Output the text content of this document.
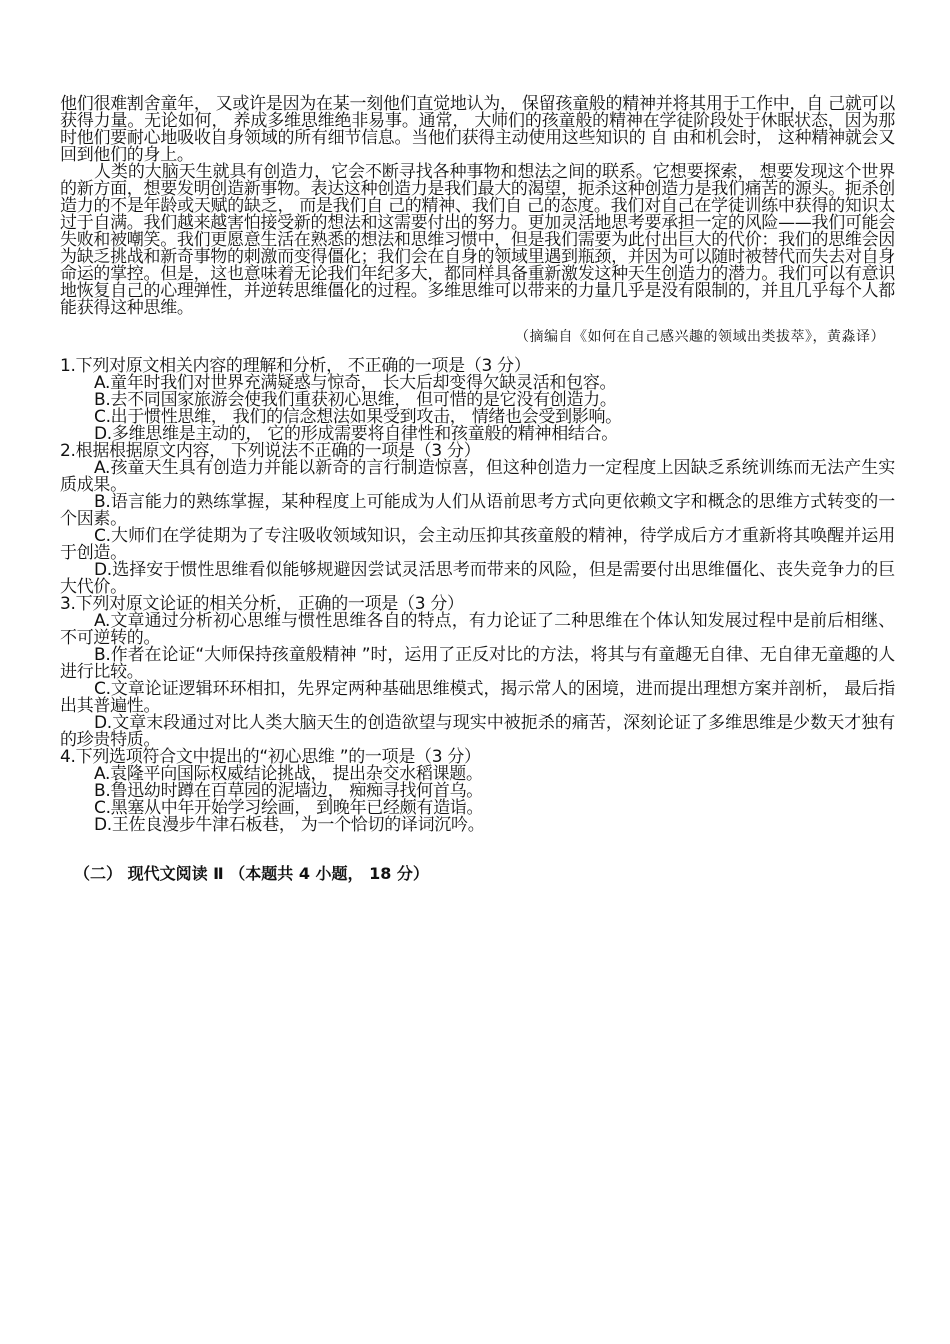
他们很难割舍童年， 又或许是因为在某一刻他们直觉地认为， 保留孩童般的精神并将其用于工作中，自 己就可以获得力量。无论如何， 养成多维思维绝非易事。通常， 大师们的孩童般的精神在学徒阶段处于休眠状态，因为那时他们要耐心地吸收自身领域的所有细节信息。当他们获得主动使用这些知识的 自 由和机会时， 这种精神就会又回到他们的身上。

人类的大脑天生就具有创造力，它会不断寻找各种事物和想法之间的联系。它想要探索， 想要发现这个世界的新方面，想要发明创造新事物。表达这种创造力是我们最大的渴望，扼杀这种创造力是我们痛苦的源头。扼杀创造力的不是年龄或天赋的缺乏， 而是我们自 己的精神、我们自 己的态度。我们对自己在学徒训练中获得的知识太过于自满。我们越来越害怕接受新的想法和这需要付出的努力。更加灵活地思考要承担一定的风险——我们可能会失败和被嘲笑。我们更愿意生活在熟悉的想法和思维习惯中，但是我们需要为此付出巨大的代价：我们的思维会因为缺乏挑战和新奇事物的刺激而变得僵化；我们会在自身的领域里遇到瓶颈，并因为可以随时被替代而失去对自身命运的掌控。但是，这也意味着无论我们年纪多大，都同样具备重新激发这种天生创造力的潜力。我们可以有意识地恢复自己的心理弹性，并逆转思维僵化的过程。多维思维可以带来的力量几乎是没有限制的，并且几乎每个人都能获得这种思维。

（摘编自《如何在自己感兴趣的领域出类拔萃》，黄淼译）

1.下列对原文相关内容的理解和分析， 不正确的一项是（3 分）

A.童年时我们对世界充满疑惑与惊奇， 长大后却变得欠缺灵活和包容。

B.去不同国家旅游会使我们重获初心思维， 但可惜的是它没有创造力。

C.出于惯性思维， 我们的信念想法如果受到攻击， 情绪也会受到影响。

D.多维思维是主动的， 它的形成需要将自律性和孩童般的精神相结合。

2.根据根据原文内容， 下列说法不正确的一项是（3 分）

A.孩童天生具有创造力并能以新奇的言行制造惊喜，但这种创造力一定程度上因缺乏系统训练而无法产生实质成果。

B.语言能力的熟练掌握，某种程度上可能成为人们从语前思考方式向更依赖文字和概念的思维方式转变的一个因素。

C.大师们在学徒期为了专注吸收领域知识，会主动压抑其孩童般的精神，待学成后方才重新将其唤醒并运用于创造。

D.选择安于惯性思维看似能够规避因尝试灵活思考而带来的风险，但是需要付出思维僵化、丧失竞争力的巨大代价。

3.下列对原文论证的相关分析， 正确的一项是（3 分）

A.文章通过分析初心思维与惯性思维各自的特点，有力论证了二种思维在个体认知发展过程中是前后相继、不可逆转的。

B.作者在论证“大师保持孩童般精神 ”时，运用了正反对比的方法，将其与有童趣无自律、无自律无童趣的人进行比较。

C.文章论证逻辑环环相扣，先界定两种基础思维模式，揭示常人的困境，进而提出理想方案并剖析， 最后指出其普遍性。

D.文章末段通过对比人类大脑天生的创造欲望与现实中被扼杀的痛苦，深刻论证了多维思维是少数天才独有的珍贵特质。

4.下列选项符合文中提出的“初心思维 ”的一项是（3 分）

A.袁隆平向国际权威结论挑战， 提出杂交水稻课题。

B.鲁迅幼时蹲在百草园的泥墙边， 痴痴寻找何首乌。

C.黑塞从中年开始学习绘画， 到晚年已经颇有造诣。

D.王佐良漫步牛津石板巷， 为一个恰切的译词沉吟。

（二） 现代文阅读 Ⅱ （本题共 4 小题， 18 分）
